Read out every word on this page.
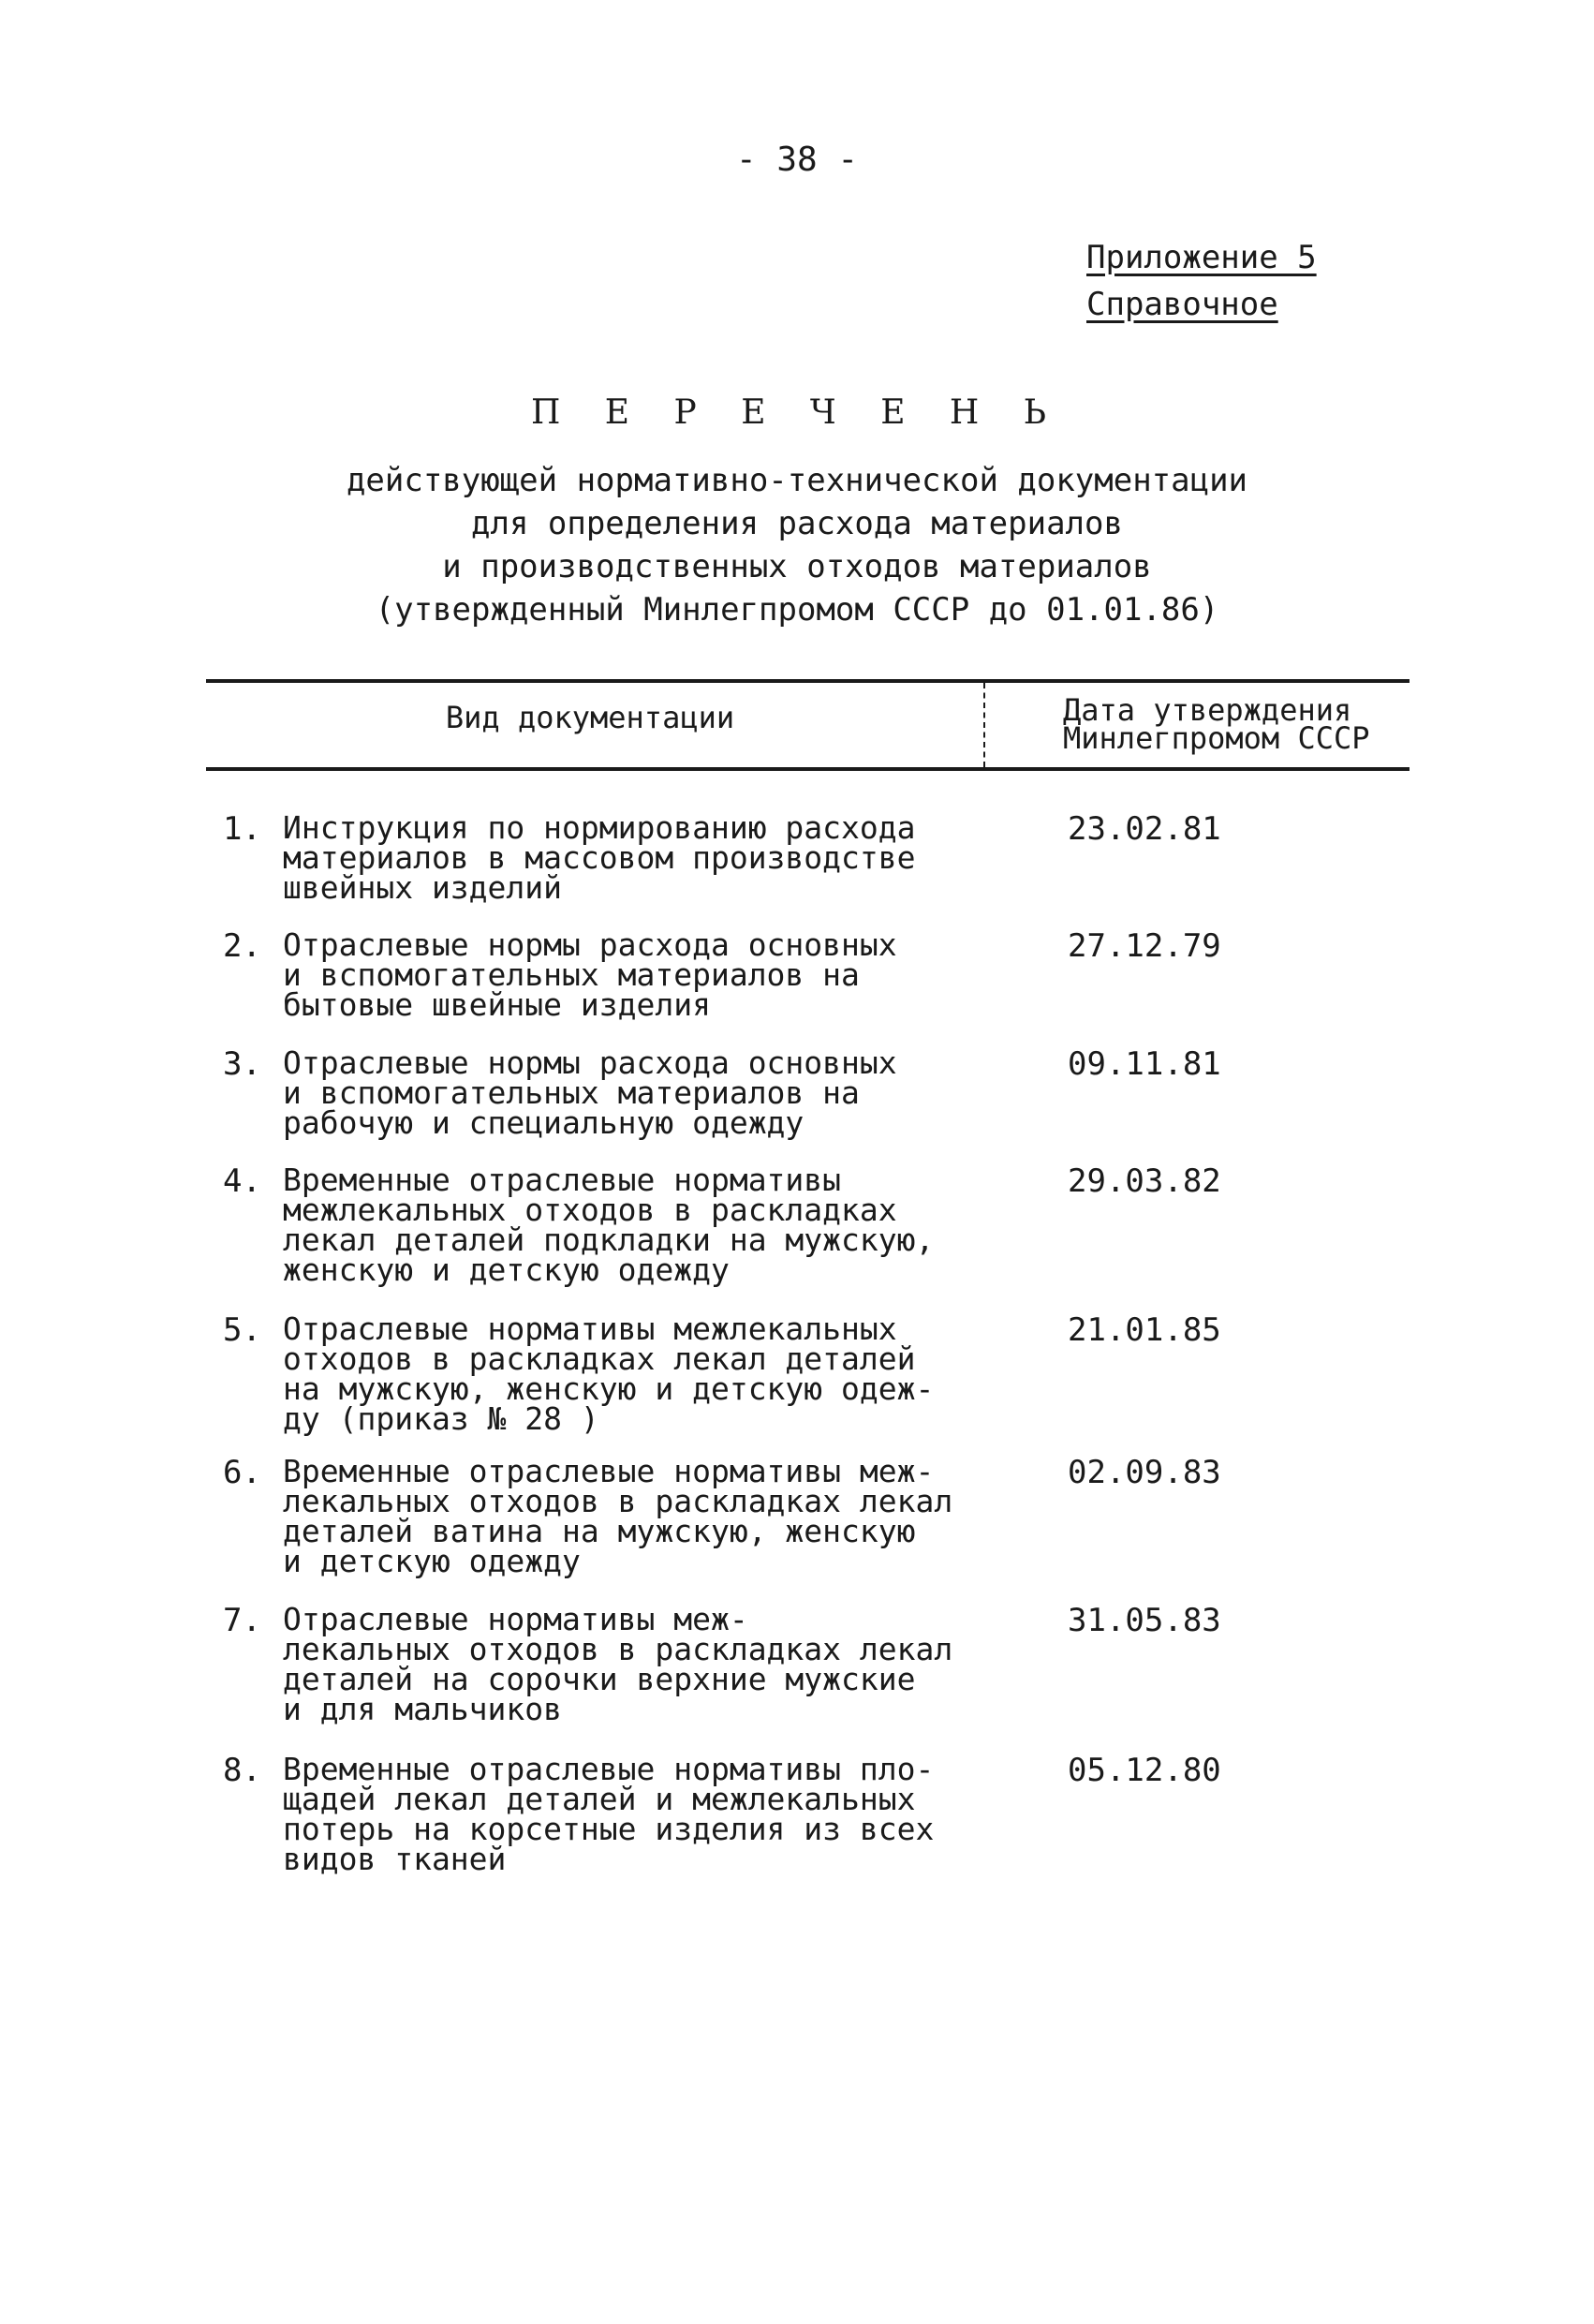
- 38 -
Приложение 5
Справочное
П Е Р Е Ч Е Н Ь
действующей нормативно-технической документации
для определения расхода материалов
и производственных отходов материалов
(утвержденный Минлегпромом СССР до 01.01.86)
Вид документации	Дата утверждения
Минлегпромом СССР
1. Инструкция по нормированию расхода
материалов в массовом производстве
швейных изделий
23.02.81
2. Отраслевые нормы расхода основных
и вспомогательных материалов на
бытовые швейные изделия
27.12.79
3. Отраслевые нормы расхода основных
и вспомогательных материалов на
рабочую и специальную одежду
09.11.81
4. Временные отраслевые нормативы
межлекальных отходов в раскладках
лекал деталей подкладки на мужскую,
женскую и детскую одежду
29.03.82
5. Отраслевые нормативы межлекальных
отходов в раскладках лекал деталей
на мужскую, женскую и детскую одеж-
ду (приказ № 28 )
21.01.85
6. Временные отраслевые нормативы меж-
лекальных отходов в раскладках лекал
деталей ватина на мужскую, женскую
и детскую одежду
02.09.83
7. Отраслевые нормативы меж-
лекальных отходов в раскладках лекал
деталей на сорочки верхние мужские
и для мальчиков
31.05.83
8. Временные отраслевые нормативы пло-
щадей лекал деталей и межлекальных
потерь на корсетные изделия из всех
видов тканей
05.12.80
